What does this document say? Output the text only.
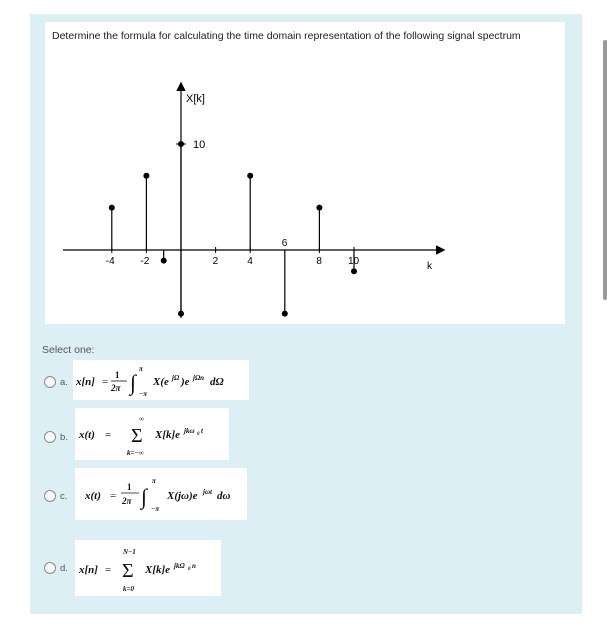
Determine the formula for calculating the time domain representation of the following signal spectrum
10
X[k]
k
-4	-2	2	4	8	10
6
Select one:
a. x[n] =
1
2π ∫
π
−π
X(e jΩ )e jΩn dΩ
b. x(t) =
∞
Σ
k=−∞
X[k]e jkω 0 t
c. x(t) =
1
2π ∫
π
−π
X(jω)e jωt dω
d. x[n] =
N−1
Σ
k=0
X[k]e jkΩ 0 n
